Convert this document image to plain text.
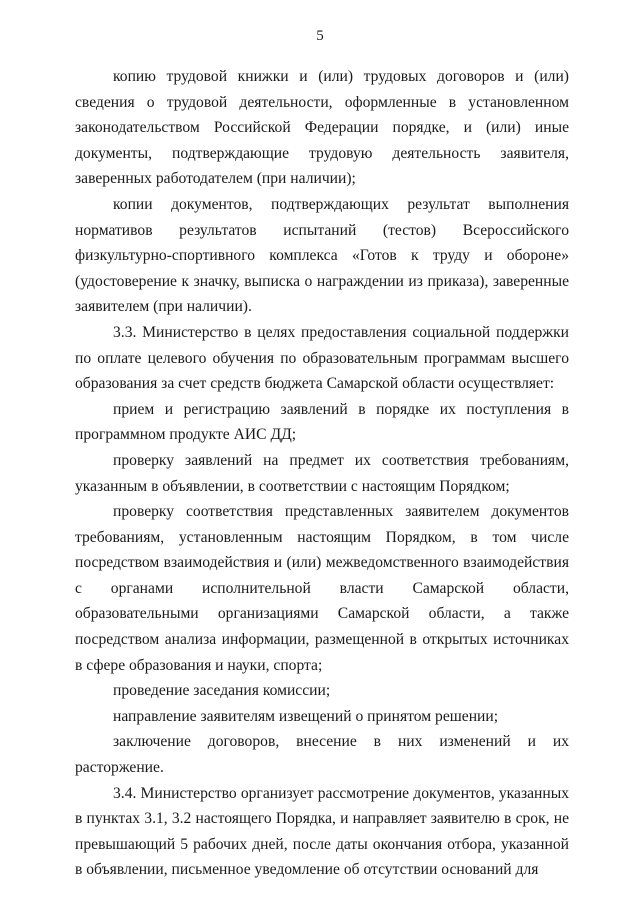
5

копию трудовой книжки и (или) трудовых договоров и (или) сведения о трудовой деятельности, оформленные в установленном законодательством Российской Федерации порядке, и (или) иные документы, подтверждающие трудовую деятельность заявителя, заверенных работодателем (при наличии);

копии документов, подтверждающих результат выполнения нормативов результатов испытаний (тестов) Всероссийского физкультурно-спортивного комплекса «Готов к труду и обороне» (удостоверение к значку, выписка о награждении из приказа), заверенные заявителем (при наличии).

3.3. Министерство в целях предоставления социальной поддержки по оплате целевого обучения по образовательным программам высшего образования за счет средств бюджета Самарской области осуществляет:

прием и регистрацию заявлений в порядке их поступления в программном продукте АИС ДД;

проверку заявлений на предмет их соответствия требованиям, указанным в объявлении, в соответствии с настоящим Порядком;

проверку соответствия представленных заявителем документов требованиям, установленным настоящим Порядком, в том числе посредством взаимодействия и (или) межведомственного взаимодействия с органами исполнительной власти Самарской области, образовательными организациями Самарской области, а также посредством анализа информации, размещенной в открытых источниках в сфере образования и науки, спорта;

проведение заседания комиссии;

направление заявителям извещений о принятом решении;

заключение договоров, внесение в них изменений и их расторжение.

3.4. Министерство организует рассмотрение документов, указанных в пунктах 3.1, 3.2 настоящего Порядка, и направляет заявителю в срок, не превышающий 5 рабочих дней, после даты окончания отбора, указанной в объявлении, письменное уведомление об отсутствии оснований для
